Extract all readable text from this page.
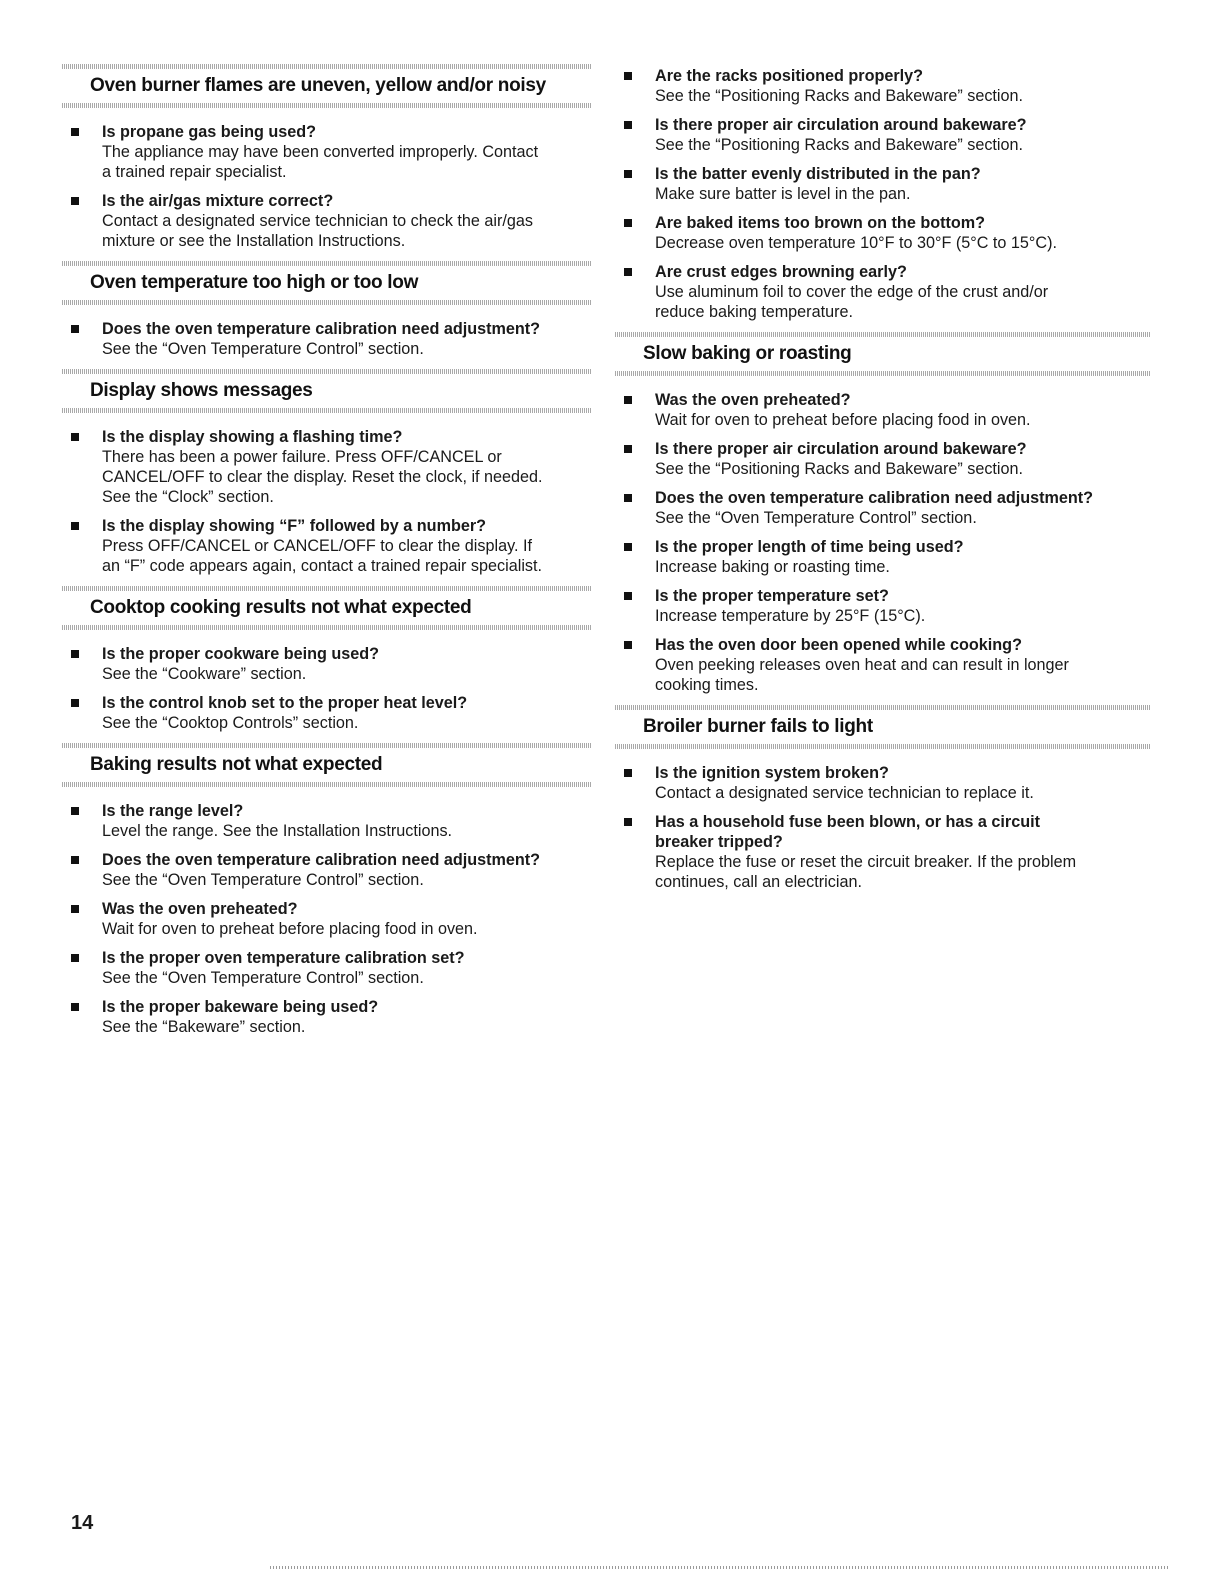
Oven burner flames are uneven, yellow and/or noisy
Is propane gas being used?
The appliance may have been converted improperly. Contact
a trained repair specialist.
Is the air/gas mixture correct?
Contact a designated service technician to check the air/gas
mixture or see the Installation Instructions.
Oven temperature too high or too low
Does the oven temperature calibration need adjustment?
See the “Oven Temperature Control” section.
Display shows messages
Is the display showing a flashing time?
There has been a power failure. Press OFF/CANCEL or
CANCEL/OFF to clear the display. Reset the clock, if needed.
See the “Clock” section.
Is the display showing “F” followed by a number?
Press OFF/CANCEL or CANCEL/OFF to clear the display. If
an “F” code appears again, contact a trained repair specialist.
Cooktop cooking results not what expected
Is the proper cookware being used?
See the “Cookware” section.
Is the control knob set to the proper heat level?
See the “Cooktop Controls” section.
Baking results not what expected
Is the range level?
Level the range. See the Installation Instructions.
Does the oven temperature calibration need adjustment?
See the “Oven Temperature Control” section.
Was the oven preheated?
Wait for oven to preheat before placing food in oven.
Is the proper oven temperature calibration set?
See the “Oven Temperature Control” section.
Is the proper bakeware being used?
See the “Bakeware” section.
Are the racks positioned properly?
See the “Positioning Racks and Bakeware” section.
Is there proper air circulation around bakeware?
See the “Positioning Racks and Bakeware” section.
Is the batter evenly distributed in the pan?
Make sure batter is level in the pan.
Are baked items too brown on the bottom?
Decrease oven temperature 10°F to 30°F (5°C to 15°C).
Are crust edges browning early?
Use aluminum foil to cover the edge of the crust and/or
reduce baking temperature.
Slow baking or roasting
Was the oven preheated?
Wait for oven to preheat before placing food in oven.
Is there proper air circulation around bakeware?
See the “Positioning Racks and Bakeware” section.
Does the oven temperature calibration need adjustment?
See the “Oven Temperature Control” section.
Is the proper length of time being used?
Increase baking or roasting time.
Is the proper temperature set?
Increase temperature by 25°F (15°C).
Has the oven door been opened while cooking?
Oven peeking releases oven heat and can result in longer
cooking times.
Broiler burner fails to light
Is the ignition system broken?
Contact a designated service technician to replace it.
Has a household fuse been blown, or has a circuit
breaker tripped?
Replace the fuse or reset the circuit breaker. If the problem
continues, call an electrician.
14
